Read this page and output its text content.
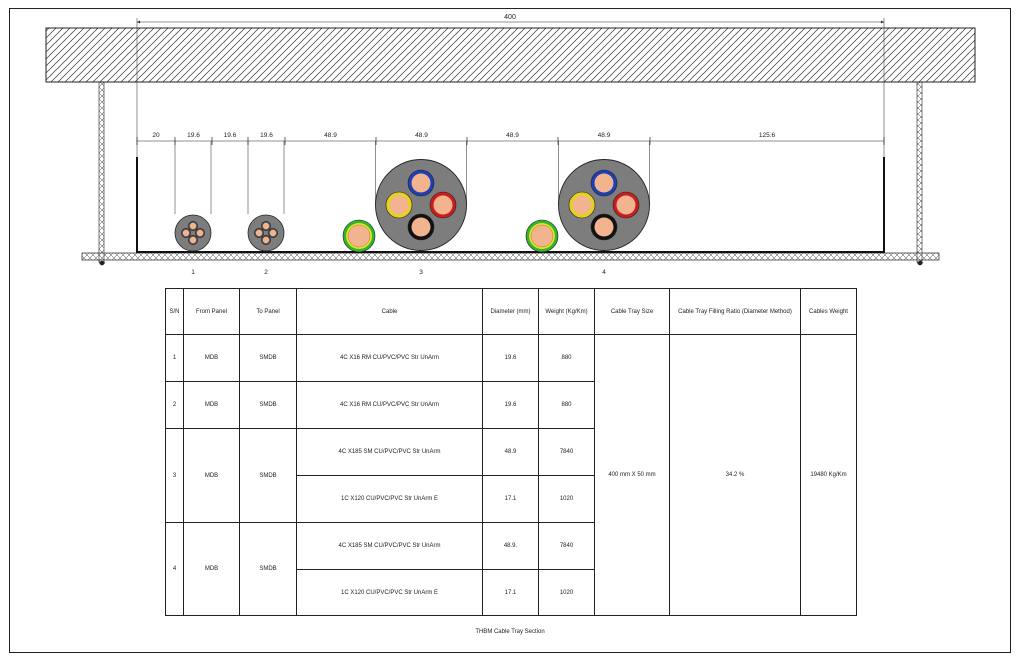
400
20	19.6	19.6	19.6	48.9	48.9	48.9	48.9	125.6
1	2	3	4
S/N	From Panel	To Panel	Cable	Diameter (mm)	Weight (Kg/Km)	Cable Tray Size	Cable Tray Filling Ratio (Diameter Method)	Cables Weight
1	MDB	SMDB	4C X16 RM CU/PVC/PVC Str UnArm	19.6	880	400 mm X 50 mm	34.2 %	19480 Kg/Km
2	MDB	SMDB	4C X16 RM CU/PVC/PVC Str UnArm	19.6	880			
3	MDB	SMDB	4C X185 SM CU/PVC/PVC Str UnArm	48.9	7840			
			1C X120 CU/PVC/PVC Str UnArm E	17.1	1020			
4	MDB	SMDB	4C X185 SM CU/PVC/PVC Str UnArm	48.9.	7840			
			1C X120 CU/PVC/PVC Str UnArm E	17.1	1020			
THBM Cable Tray Section
